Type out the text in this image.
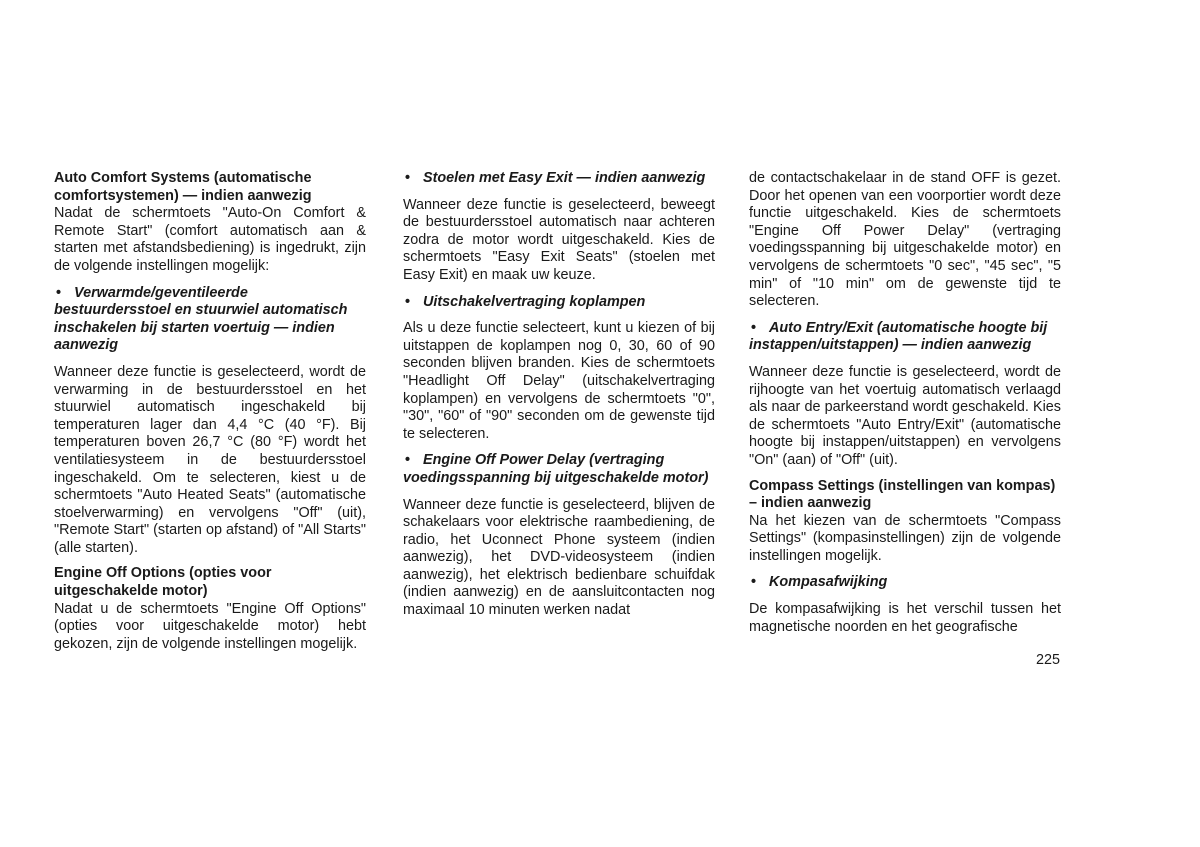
Auto Comfort Systems (automatische comfortsystemen) — indien aanwezig

Nadat de schermtoets "Auto-On Comfort & Remote Start" (comfort automatisch aan & starten met afstandsbediening) is ingedrukt, zijn de volgende instellingen mogelijk:

• Verwarmde/geventileerde bestuurdersstoel en stuurwiel automatisch inschakelen bij starten voertuig — indien aanwezig

Wanneer deze functie is geselecteerd, wordt de verwarming in de bestuurdersstoel en het stuurwiel automatisch ingeschakeld bij temperaturen lager dan 4,4 °C (40 °F). Bij temperaturen boven 26,7 °C (80 °F) wordt het ventilatiesysteem in de bestuurdersstoel ingeschakeld. Om te selecteren, kiest u de schermtoets "Auto Heated Seats" (automatische stoelverwarming) en vervolgens "Off" (uit), "Remote Start" (starten op afstand) of "All Starts" (alle starten).

Engine Off Options (opties voor uitgeschakelde motor)

Nadat u de schermtoets "Engine Off Options" (opties voor uitgeschakelde motor) hebt gekozen, zijn de volgende instellingen mogelijk.

• Stoelen met Easy Exit — indien aanwezig

Wanneer deze functie is geselecteerd, beweegt de bestuurdersstoel automatisch naar achteren zodra de motor wordt uitgeschakeld. Kies de schermtoets "Easy Exit Seats" (stoelen met Easy Exit) en maak uw keuze.

• Uitschakelvertraging koplampen

Als u deze functie selecteert, kunt u kiezen of bij uitstappen de koplampen nog 0, 30, 60 of 90 seconden blijven branden. Kies de schermtoets "Headlight Off Delay" (uitschakelvertraging koplampen) en vervolgens de schermtoets "0", "30", "60" of "90" seconden om de gewenste tijd te selecteren.

• Engine Off Power Delay (vertraging voedingsspanning bij uitgeschakelde motor)

Wanneer deze functie is geselecteerd, blijven de schakelaars voor elektrische raambediening, de radio, het Uconnect Phone systeem (indien aanwezig), het DVD-videosysteem (indien aanwezig), het elektrisch bedienbare schuifdak (indien aanwezig) en de aansluitcontacten nog maximaal 10 minuten werken nadat

de contactschakelaar in de stand OFF is gezet. Door het openen van een voorportier wordt deze functie uitgeschakeld. Kies de schermtoets "Engine Off Power Delay" (vertraging voedingsspanning bij uitgeschakelde motor) en vervolgens de schermtoets "0 sec", "45 sec", "5 min" of "10 min" om de gewenste tijd te selecteren.

• Auto Entry/Exit (automatische hoogte bij instappen/uitstappen) — indien aanwezig

Wanneer deze functie is geselecteerd, wordt de rijhoogte van het voertuig automatisch verlaagd als naar de parkeerstand wordt geschakeld. Kies de schermtoets "Auto Entry/Exit" (automatische hoogte bij instappen/uitstappen) en vervolgens "On" (aan) of "Off" (uit).

Compass Settings (instellingen van kompas) – indien aanwezig

Na het kiezen van de schermtoets "Compass Settings" (kompasinstellingen) zijn de volgende instellingen mogelijk.

• Kompasafwijking

De kompasafwijking is het verschil tussen het magnetische noorden en het geografische

225
